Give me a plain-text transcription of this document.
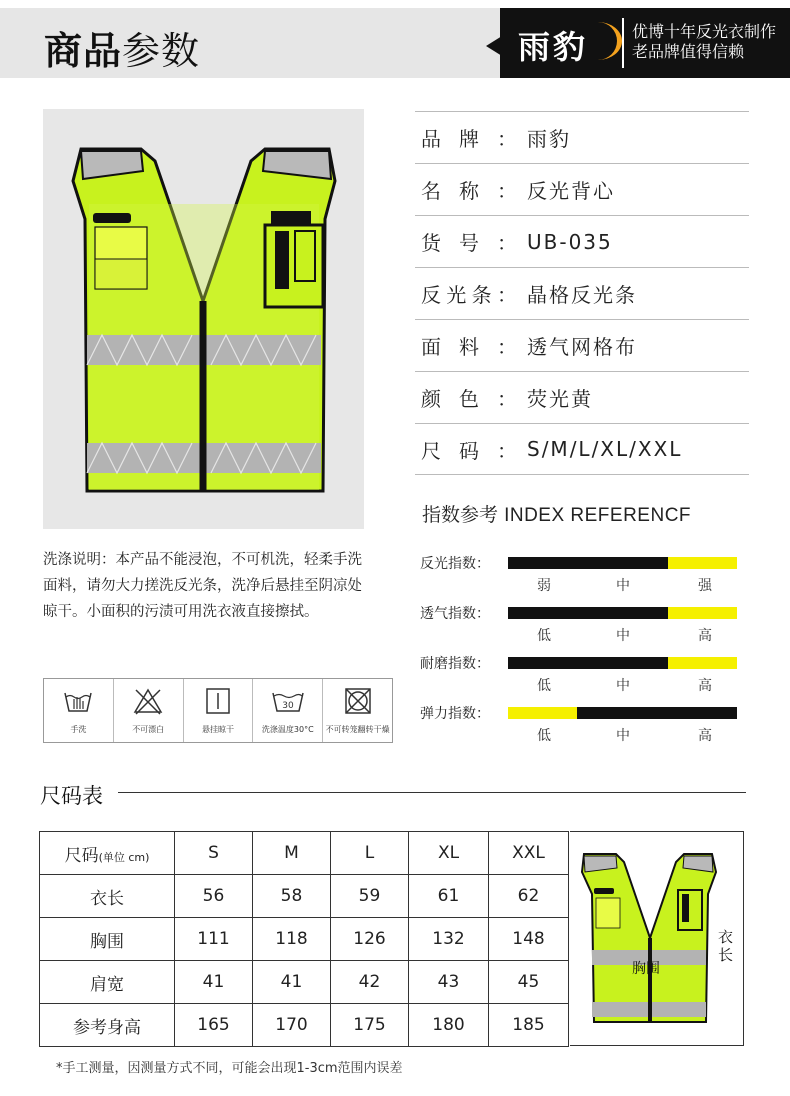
商品参数	雨豹	优博十年反光衣制作
老品牌值得信赖
品牌： 雨豹
名称： 反光背心
货号： UB-035
反光条： 晶格反光条
面料： 透气网格布
颜色： 荧光黄
尺码： S/M/L/XL/XXL
指数参考 INDEX REFERENCF
反光指数：
弱	中	强
透气指数：
低	中	高
耐磨指数：
低	中	高
弹力指数：
低	中	高
洗涤说明：本产品不能浸泡，不可机洗，轻柔手洗面料，请勿大力搓洗反光条，洗净后悬挂至阴凉处晾干。小面积的污渍可用洗衣液直接擦拭。
手洗	不可漂白	悬挂晾干
30
洗涤温度30°C	不可转笼翻转干燥
尺码表
尺码(单位 cm)	S	M	L	XL	XXL
衣长	56	58	59	61	62
胸围	111	118	126	132	148
肩宽	41	41	42	43	45
参考身高	165	170	175	180	185
衣长
胸围
*手工测量，因测量方式不同，可能会出现1-3cm范围内误差
